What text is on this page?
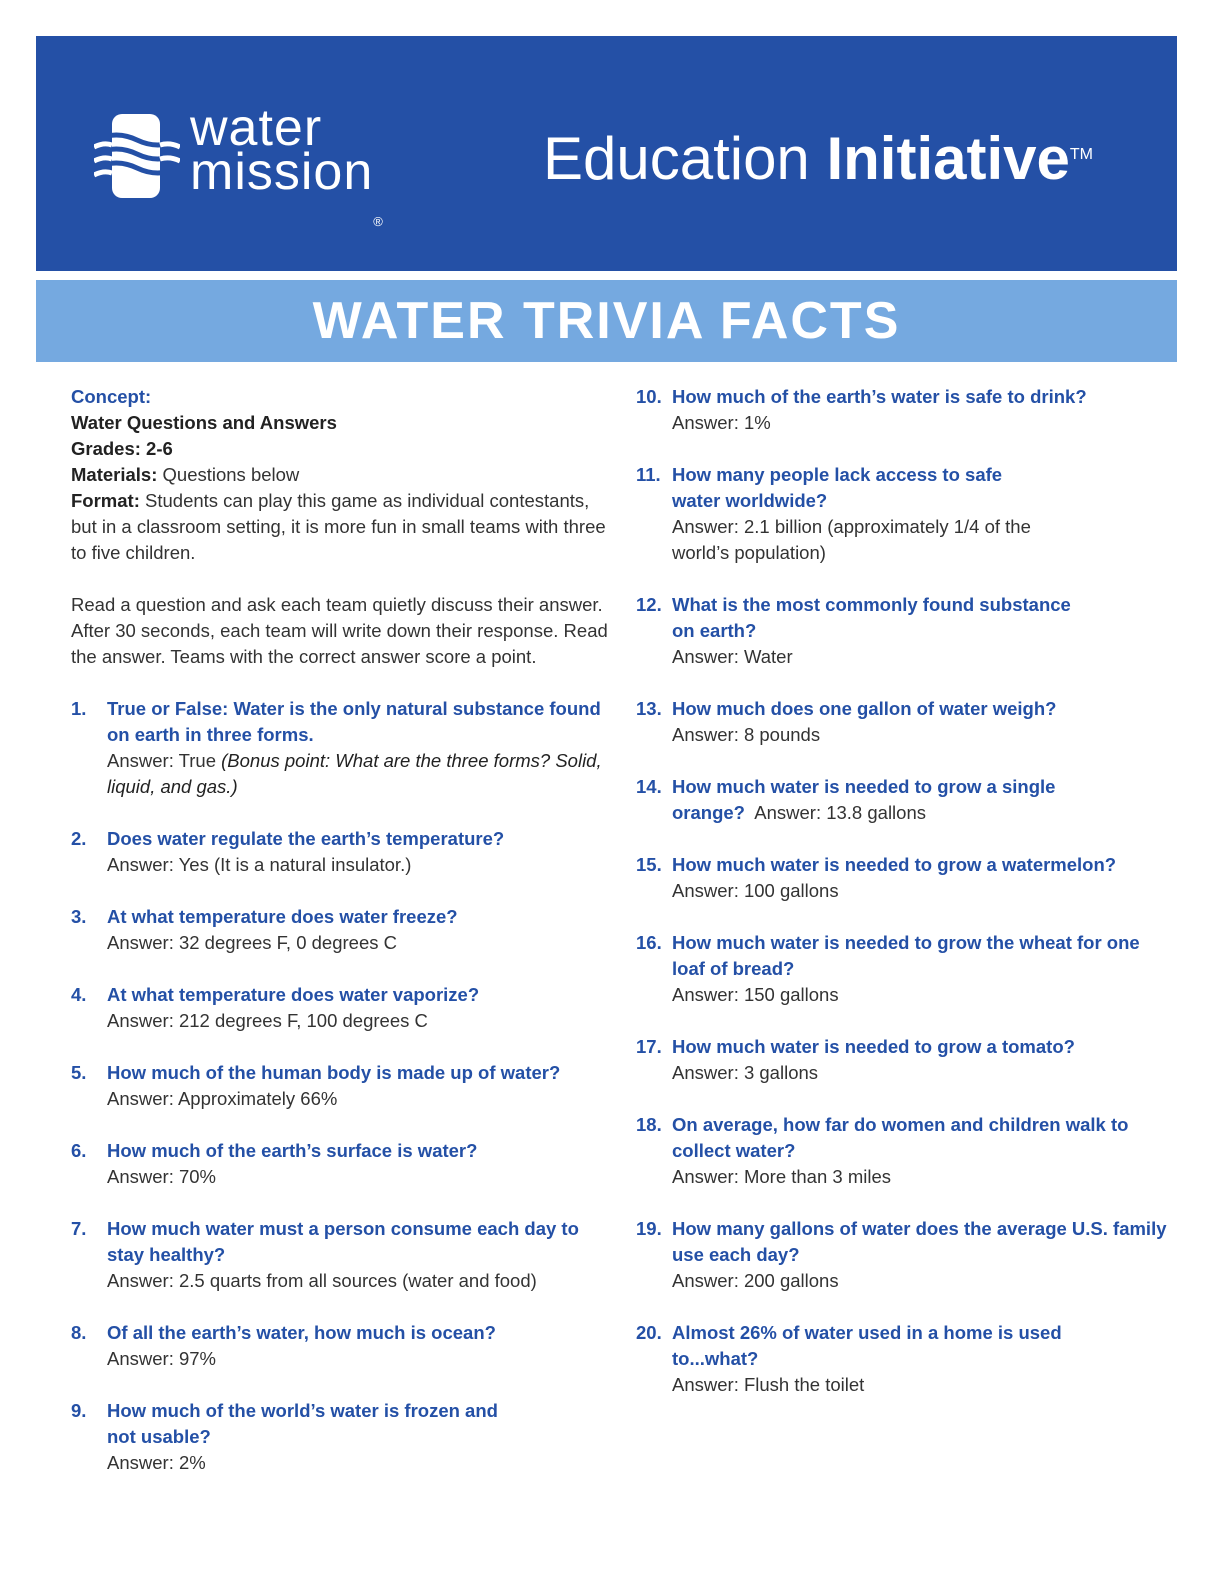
water
mission®
Education Initiative™
WATER TRIVIA FACTS

Concept:

Water Questions and Answers

Grades: 2-6

Materials: Questions below

Format: Students can play this game as individual contestants, but in a classroom setting, it is more fun in small teams with three to five children.

Read a question and ask each team quietly discuss their answer. After 30 seconds, each team will write down their response. Read the answer. Teams with the correct answer score a point.

1. True or False: Water is the only natural substance found on earth in three forms.
Answer: True (Bonus point: What are the three forms? Solid, liquid, and gas.)
2. Does water regulate the earth’s temperature?
Answer: Yes (It is a natural insulator.)
3. At what temperature does water freeze?
Answer: 32 degrees F, 0 degrees C
4. At what temperature does water vaporize?
Answer: 212 degrees F, 100 degrees C
5. How much of the human body is made up of water?
Answer: Approximately 66%
6. How much of the earth’s surface is water?
Answer: 70%
7. How much water must a person consume each day to stay healthy?
Answer: 2.5 quarts from all sources (water and food)
8. Of all the earth’s water, how much is ocean?
Answer: 97%
9. How much of the world’s water is frozen and not usable?
Answer: 2%
10. How much of the earth’s water is safe to drink?
Answer: 1%
11. How many people lack access to safe water worldwide?
Answer: 2.1 billion (approximately 1/4 of the world’s population)
12. What is the most commonly found substance on earth?
Answer: Water
13. How much does one gallon of water weigh?
Answer: 8 pounds
14. How much water is needed to grow a single orange? Answer: 13.8 gallons
15. How much water is needed to grow a watermelon?
Answer: 100 gallons
16. How much water is needed to grow the wheat for one loaf of bread?
Answer: 150 gallons
17. How much water is needed to grow a tomato?
Answer: 3 gallons
18. On average, how far do women and children walk to collect water?
Answer: More than 3 miles
19. How many gallons of water does the average U.S. family use each day?
Answer: 200 gallons
20. Almost 26% of water used in a home is used to...what?
Answer: Flush the toilet
